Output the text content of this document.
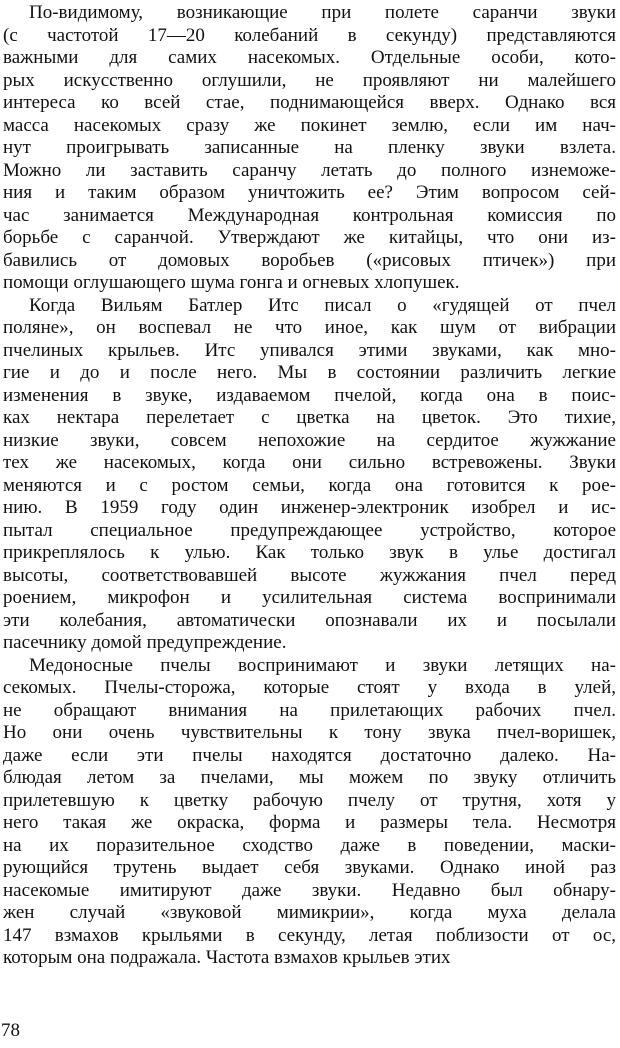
По-видимому, возникающие при полете саранчи звуки
(с частотой 17—20 колебаний в секунду) представляются
важными для самих насекомых. Отдельные особи, кото-
рых искусственно оглушили, не проявляют ни малейшего
интереса ко всей стае, поднимающейся вверх. Однако вся
масса насекомых сразу же покинет землю, если им нач-
нут проигрывать записанные на пленку звуки взлета.
Можно ли заставить саранчу летать до полного изнеможе-
ния и таким образом уничтожить ее? Этим вопросом сей-
час занимается Международная контрольная комиссия по
борьбе с саранчой. Утверждают же китайцы, что они из-
бавились от домовых воробьев («рисовых птичек») при
помощи оглушающего шума гонга и огневых хлопушек.
Когда Вильям Батлер Итс писал о «гудящей от пчел
поляне», он воспевал не что иное, как шум от вибрации
пчелиных крыльев. Итс упивался этими звуками, как мно-
гие и до и после него. Мы в состоянии различить легкие
изменения в звуке, издаваемом пчелой, когда она в поис-
ках нектара перелетает с цветка на цветок. Это тихие,
низкие звуки, совсем непохожие на сердитое жужжание
тех же насекомых, когда они сильно встревожены. Звуки
меняются и с ростом семьи, когда она готовится к рое-
нию. В 1959 году один инженер-электроник изобрел и ис-
пытал специальное предупреждающее устройство, которое
прикреплялось к улью. Как только звук в улье достигал
высоты, соответствовавшей высоте жужжания пчел перед
роением, микрофон и усилительная система воспринимали
эти колебания, автоматически опознавали их и посылали
пасечнику домой предупреждение.
Медоносные пчелы воспринимают и звуки летящих на-
секомых. Пчелы-сторожа, которые стоят у входа в улей,
не обращают внимания на прилетающих рабочих пчел.
Но они очень чувствительны к тону звука пчел-воришек,
даже если эти пчелы находятся достаточно далеко. На-
блюдая летом за пчелами, мы можем по звуку отличить
прилетевшую к цветку рабочую пчелу от трутня, хотя у
него такая же окраска, форма и размеры тела. Несмотря
на их поразительное сходство даже в поведении, маски-
рующийся трутень выдает себя звуками. Однако иной раз
насекомые имитируют даже звуки. Недавно был обнару-
жен случай «звуковой мимикрии», когда муха делала
147 взмахов крыльями в секунду, летая поблизости от ос,
которым она подражала. Частота взмахов крыльев этих
78
